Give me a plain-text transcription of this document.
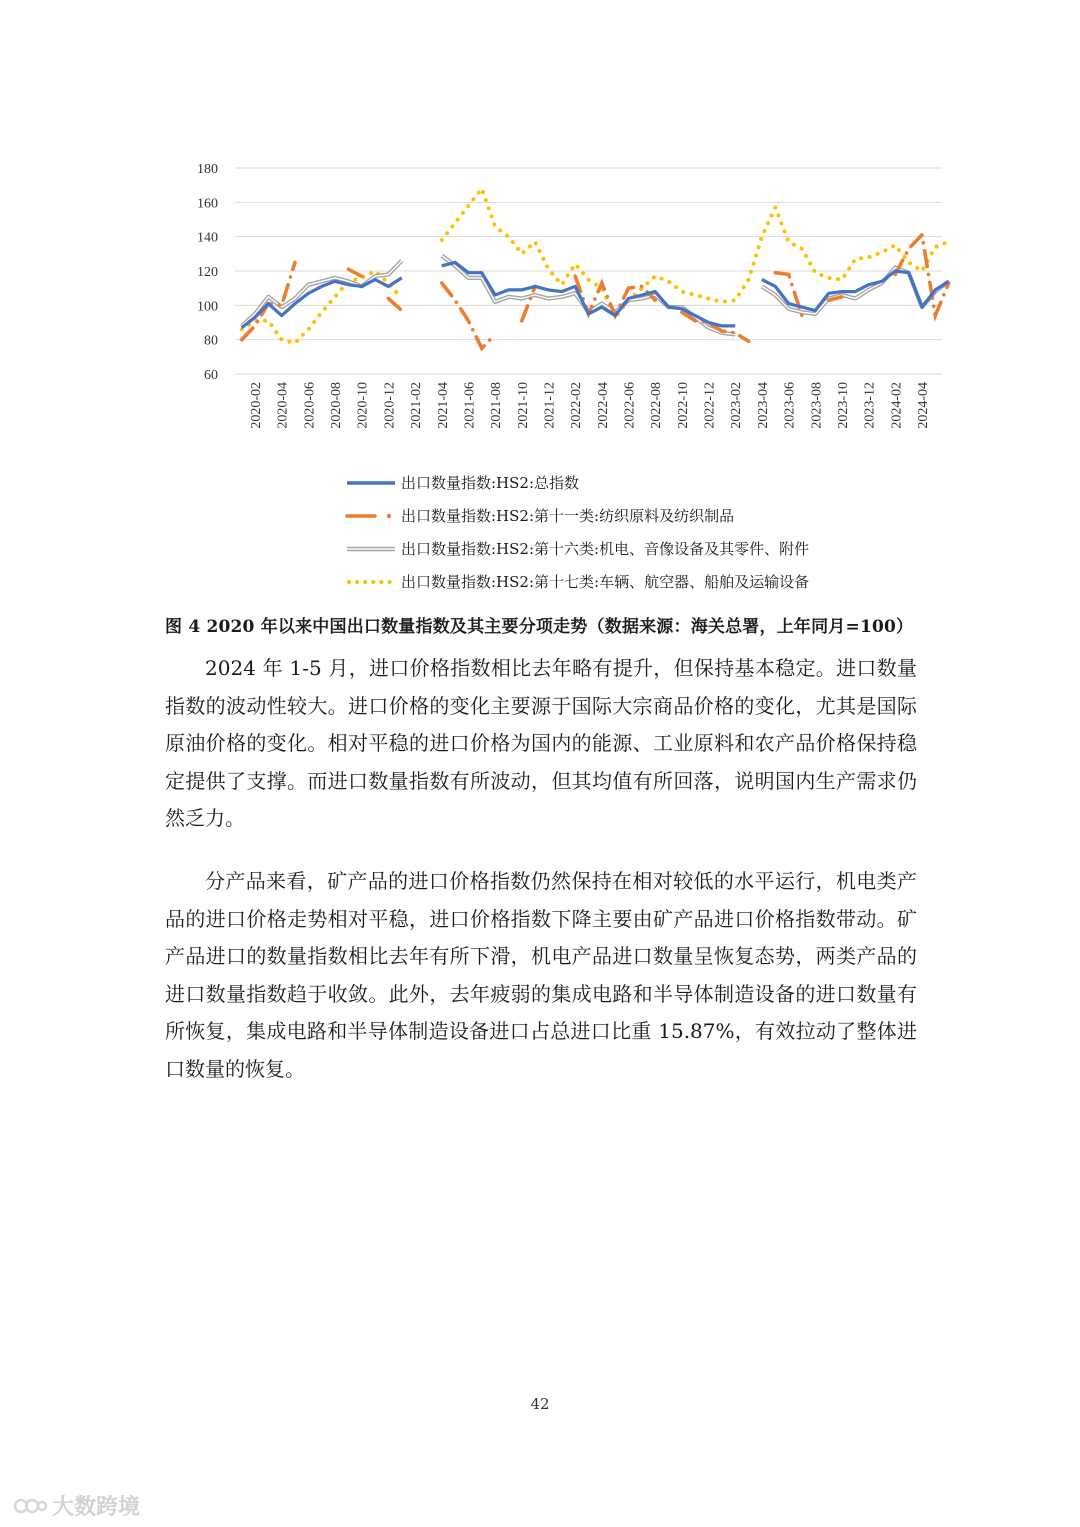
60
80
100
120
140
160
180
2020-02 2020-04 2020-06 2020-08 2020-10 2020-12 2021-02 2021-04 2021-06 2021-08 2021-10 2021-12 2022-02 2022-04 2022-06 2022-08 2022-10 2022-12 2023-02 2023-04 2023-06 2023-08 2023-10 2023-12 2024-02 2024-04
出口数量指数:HS2:总指数
出口数量指数:HS2:第十一类:纺织原料及纺织制品
出口数量指数:HS2:第十六类:机电、音像设备及其零件、附件
出口数量指数:HS2:第十七类:车辆、航空器、船舶及运输设备
图 4 2020 年以来中国出口数量指数及其主要分项走势（数据来源：海关总署，上年同月=100）

2024 年 1-5 月，进口价格指数相比去年略有提升，但保持基本稳定。进口数量指数的波动性较大。进口价格的变化主要源于国际大宗商品价格的变化，尤其是国际原油价格的变化。相对平稳的进口价格为国内的能源、工业原料和农产品价格保持稳定提供了支撑。而进口数量指数有所波动，但其均值有所回落，说明国内生产需求仍然乏力。

分产品来看，矿产品的进口价格指数仍然保持在相对较低的水平运行，机电类产品的进口价格走势相对平稳，进口价格指数下降主要由矿产品进口价格指数带动。矿产品进口的数量指数相比去年有所下滑，机电产品进口数量呈恢复态势，两类产品的进口数量指数趋于收敛。此外，去年疲弱的集成电路和半导体制造设备的进口数量有所恢复，集成电路和半导体制造设备进口占总进口比重 15.87%，有效拉动了整体进口数量的恢复。

42
大数跨境
